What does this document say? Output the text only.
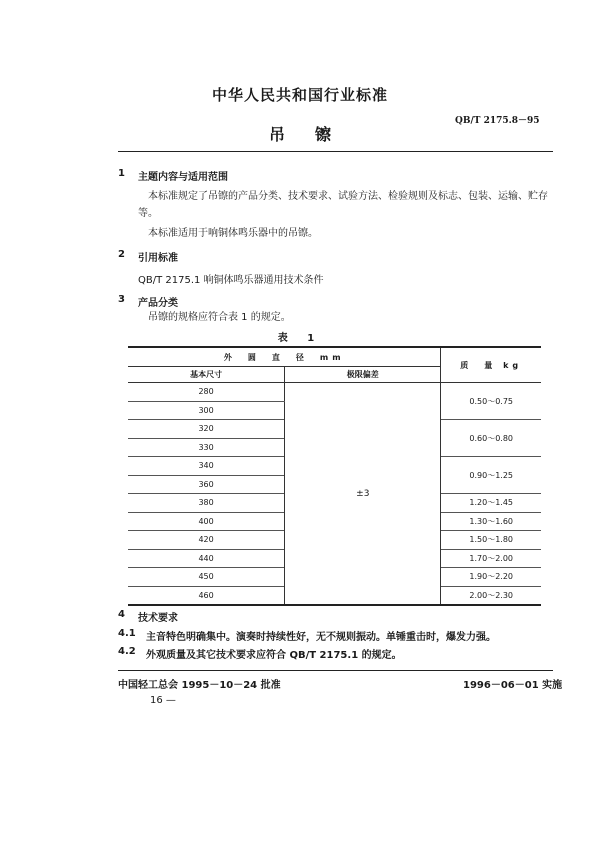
中华人民共和国行业标准
QB/T 2175.8－95
吊镲
1 主题内容与适用范围
本标准规定了吊镲的产品分类、技术要求、试验方法、检验规则及标志、包装、运输、贮存等。
本标准适用于响铜体鸣乐器中的吊镲。
2 引用标准
QB/T 2175.1 响铜体鸣乐器通用技术条件
3 产品分类
吊镲的规格应符合表 1 的规定。
表 1
外　圆　直　径　mm		质　量 kg
基本尺寸	极限偏差	
280	±3	0.50～0.75
300		
320		0.60～0.80
330		
340		0.90～1.25
360		
380		1.20～1.45
400		1.30～1.60
420		1.50～1.80
440		1.70～2.00
450		1.90～2.20
460		2.00～2.30
4 技术要求
4.1 主音特色明确集中。演奏时持续性好，无不规则振动。单锤重击时，爆发力强。
4.2 外观质量及其它技术要求应符合 QB/T 2175.1 的规定。
中国轻工总会 1995－10－24 批准	1996－06－01 实施
16 —
